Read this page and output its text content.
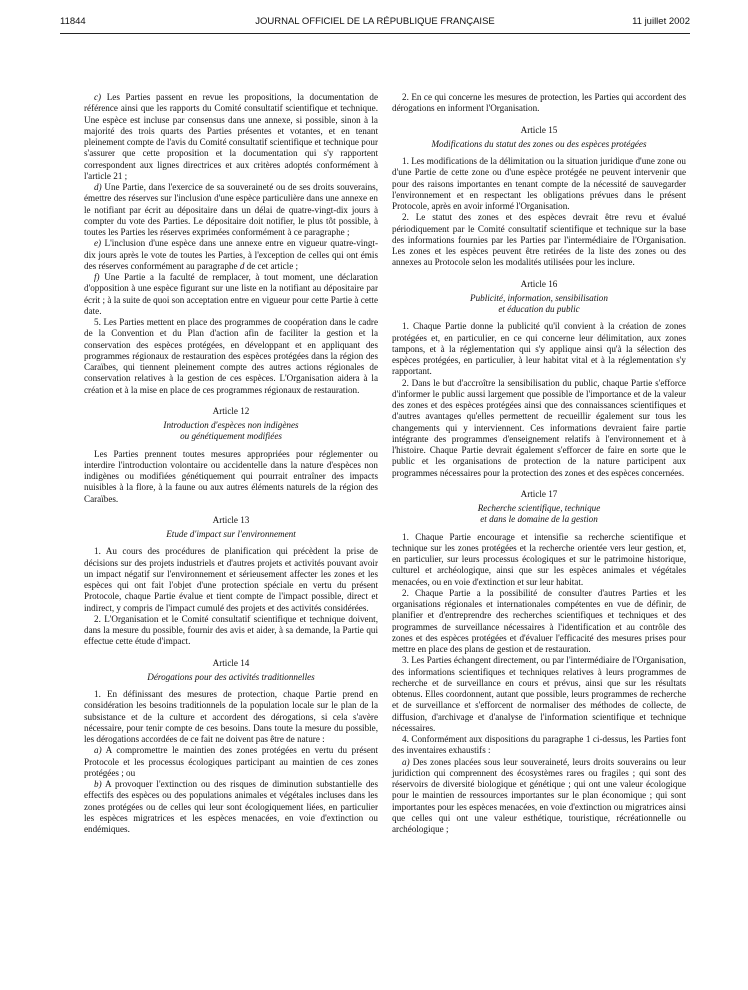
11844	JOURNAL OFFICIEL DE LA RÉPUBLIQUE FRANÇAISE	11 juillet 2002

c) Les Parties passent en revue les propositions, la documentation de référence ainsi que les rapports du Comité consultatif scientifique et technique. Une espèce est incluse par consensus dans une annexe, si possible, sinon à la majorité des trois quarts des Parties présentes et votantes, et en tenant pleinement compte de l'avis du Comité consultatif scientifique et technique pour s'assurer que cette proposition et la documentation qui s'y rapportent correspondent aux lignes directrices et aux critères adoptés conformément à l'article 21 ;

d) Une Partie, dans l'exercice de sa souveraineté ou de ses droits souverains, émettre des réserves sur l'inclusion d'une espèce particulière dans une annexe en le notifiant par écrit au dépositaire dans un délai de quatre-vingt-dix jours à compter du vote des Parties. Le dépositaire doit notifier, le plus tôt possible, à toutes les Parties les réserves exprimées conformément à ce paragraphe ;

e) L'inclusion d'une espèce dans une annexe entre en vigueur quatre-vingt-dix jours après le vote de toutes les Parties, à l'exception de celles qui ont émis des réserves conformément au paragraphe d de cet article ;

f) Une Partie a la faculté de remplacer, à tout moment, une déclaration d'opposition à une espèce figurant sur une liste en la notifiant au dépositaire par écrit ; à la suite de quoi son acceptation entre en vigueur pour cette Partie à cette date.

5. Les Parties mettent en place des programmes de coopération dans le cadre de la Convention et du Plan d'action afin de faciliter la gestion et la conservation des espèces protégées, en développant et en appliquant des programmes régionaux de restauration des espèces protégées dans la région des Caraïbes, qui tiennent pleinement compte des autres actions régionales de conservation relatives à la gestion de ces espèces. L'Organisation aidera à la création et à la mise en place de ces programmes régionaux de restauration.

Article 12
Introduction d'espèces non indigènes
ou génétiquement modifiées

Les Parties prennent toutes mesures appropriées pour réglementer ou interdire l'introduction volontaire ou accidentelle dans la nature d'espèces non indigènes ou modifiées génétiquement qui pourrait entraîner des impacts nuisibles à la flore, à la faune ou aux autres éléments naturels de la région des Caraïbes.

Article 13
Etude d'impact sur l'environnement

1. Au cours des procédures de planification qui précèdent la prise de décisions sur des projets industriels et d'autres projets et activités pouvant avoir un impact négatif sur l'environnement et sérieusement affecter les zones et les espèces qui ont fait l'objet d'une protection spéciale en vertu du présent Protocole, chaque Partie évalue et tient compte de l'impact possible, direct et indirect, y compris de l'impact cumulé des projets et des activités considérées.

2. L'Organisation et le Comité consultatif scientifique et technique doivent, dans la mesure du possible, fournir des avis et aider, à sa demande, la Partie qui effectue cette étude d'impact.

Article 14
Dérogations pour des activités traditionnelles

1. En définissant des mesures de protection, chaque Partie prend en considération les besoins traditionnels de la population locale sur le plan de la subsistance et de la culture et accordent des dérogations, si cela s'avère nécessaire, pour tenir compte de ces besoins. Dans toute la mesure du possible, les dérogations accordées de ce fait ne doivent pas être de nature :

a) A compromettre le maintien des zones protégées en vertu du présent Protocole et les processus écologiques participant au maintien de ces zones protégées ; ou

b) A provoquer l'extinction ou des risques de diminution substantielle des effectifs des espèces ou des populations animales et végétales incluses dans les zones protégées ou de celles qui leur sont écologiquement liées, en particulier les espèces migratrices et les espèces menacées, en voie d'extinction ou endémiques.

2. En ce qui concerne les mesures de protection, les Parties qui accordent des dérogations en informent l'Organisation.

Article 15
Modifications du statut des zones ou des espèces protégées

1. Les modifications de la délimitation ou la situation juridique d'une zone ou d'une Partie de cette zone ou d'une espèce protégée ne peuvent intervenir que pour des raisons importantes en tenant compte de la nécessité de sauvegarder l'environnement et en respectant les obligations prévues dans le présent Protocole, après en avoir informé l'Organisation.

2. Le statut des zones et des espèces devrait être revu et évalué périodiquement par le Comité consultatif scientifique et technique sur la base des informations fournies par les Parties par l'intermédiaire de l'Organisation. Les zones et les espèces peuvent être retirées de la liste des zones ou des annexes au Protocole selon les modalités utilisées pour les inclure.

Article 16
Publicité, information, sensibilisation
et éducation du public

1. Chaque Partie donne la publicité qu'il convient à la création de zones protégées et, en particulier, en ce qui concerne leur délimitation, aux zones tampons, et à la réglementation qui s'y applique ainsi qu'à la sélection des espèces protégées, en particulier, à leur habitat vital et à la réglementation s'y rapportant.

2. Dans le but d'accroître la sensibilisation du public, chaque Partie s'efforce d'informer le public aussi largement que possible de l'importance et de la valeur des zones et des espèces protégées ainsi que des connaissances scientifiques et d'autres avantages qu'elles permettent de recueillir également sur tous les changements qui y interviennent. Ces informations devraient faire partie intégrante des programmes d'enseignement relatifs à l'environnement et à l'histoire. Chaque Partie devrait également s'efforcer de faire en sorte que le public et les organisations de protection de la nature participent aux programmes nécessaires pour la protection des zones et des espèces concernées.

Article 17
Recherche scientifique, technique
et dans le domaine de la gestion

1. Chaque Partie encourage et intensifie sa recherche scientifique et technique sur les zones protégées et la recherche orientée vers leur gestion, et, en particulier, sur leurs processus écologiques et sur le patrimoine historique, culturel et archéologique, ainsi que sur les espèces animales et végétales menacées, ou en voie d'extinction et sur leur habitat.

2. Chaque Partie a la possibilité de consulter d'autres Parties et les organisations régionales et internationales compétentes en vue de définir, de planifier et d'entreprendre des recherches scientifiques et techniques et des programmes de surveillance nécessaires à l'identification et au contrôle des zones et des espèces protégées et d'évaluer l'efficacité des mesures prises pour mettre en place des plans de gestion et de restauration.

3. Les Parties échangent directement, ou par l'intermédiaire de l'Organisation, des informations scientifiques et techniques relatives à leurs programmes de recherche et de surveillance en cours et prévus, ainsi que sur les résultats obtenus. Elles coordonnent, autant que possible, leurs programmes de recherche et de surveillance et s'efforcent de normaliser des méthodes de collecte, de diffusion, d'archivage et d'analyse de l'information scientifique et technique nécessaires.

4. Conformément aux dispositions du paragraphe 1 ci-dessus, les Parties font des inventaires exhaustifs :

a) Des zones placées sous leur souveraineté, leurs droits souverains ou leur juridiction qui comprennent des écosystèmes rares ou fragiles ; qui sont des réservoirs de diversité biologique et génétique ; qui ont une valeur écologique pour le maintien de ressources importantes sur le plan économique ; qui sont importantes pour les espèces menacées, en voie d'extinction ou migratrices ainsi que celles qui ont une valeur esthétique, touristique, récréationnelle ou archéologique ;
